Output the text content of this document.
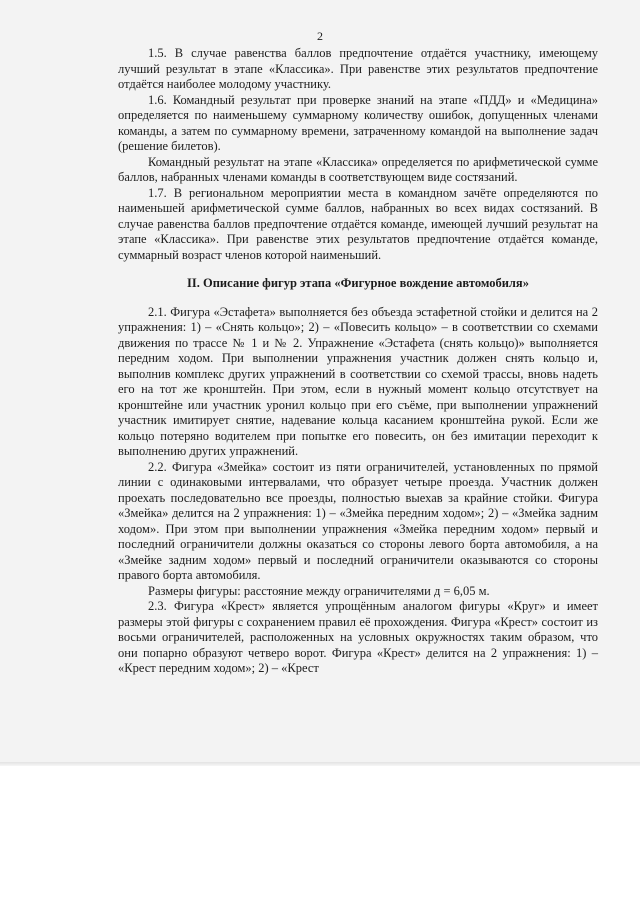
2

1.5. В случае равенства баллов предпочтение отдаётся участнику, имеющему лучший результат в этапе «Классика». При равенстве этих результатов предпочтение отдаётся наиболее молодому участнику.

1.6. Командный результат при проверке знаний на этапе «ПДД» и «Медицина» определяется по наименьшему суммарному количеству ошибок, допущенных членами команды, а затем по суммарному времени, затраченному командой на выполнение задач (решение билетов).

Командный результат на этапе «Классика» определяется по арифметической сумме баллов, набранных членами команды в соответствующем виде состязаний.

1.7. В региональном мероприятии места в командном зачёте определяются по наименьшей арифметической сумме баллов, набранных во всех видах состязаний. В случае равенства баллов предпочтение отдаётся команде, имеющей лучший результат на этапе «Классика». При равенстве этих результатов предпочтение отдаётся команде, суммарный возраст членов которой наименьший.

II. Описание фигур этапа «Фигурное вождение автомобиля»

2.1. Фигура «Эстафета» выполняется без объезда эстафетной стойки и делится на 2 упражнения: 1) – «Снять кольцо»; 2) – «Повесить кольцо» – в соответствии со схемами движения по трассе № 1 и № 2. Упражнение «Эстафета (снять кольцо)» выполняется передним ходом. При выполнении упражнения участник должен снять кольцо и, выполнив комплекс других упражнений в соответствии со схемой трассы, вновь надеть его на тот же кронштейн. При этом, если в нужный момент кольцо отсутствует на кронштейне или участник уронил кольцо при его съёме, при выполнении упражнений участник имитирует снятие, надевание кольца касанием кронштейна рукой. Если же кольцо потеряно водителем при попытке его повесить, он без имитации переходит к выполнению других упражнений.

2.2. Фигура «Змейка» состоит из пяти ограничителей, установленных по прямой линии с одинаковыми интервалами, что образует четыре проезда. Участник должен проехать последовательно все проезды, полностью выехав за крайние стойки. Фигура «Змейка» делится на 2 упражнения: 1) – «Змейка передним ходом»; 2) – «Змейка задним ходом». При этом при выполнении упражнения «Змейка передним ходом» первый и последний ограничители должны оказаться со стороны левого борта автомобиля, а на «Змейке задним ходом» первый и последний ограничители оказываются со стороны правого борта автомобиля.

Размеры фигуры: расстояние между ограничителями д = 6,05 м.

2.3. Фигура «Крест» является упрощённым аналогом фигуры «Круг» и имеет размеры этой фигуры с сохранением правил её прохождения. Фигура «Крест» состоит из восьми ограничителей, расположенных на условных окружностях таким образом, что они попарно образуют четверо ворот. Фигура «Крест» делится на 2 упражнения: 1) – «Крест передним ходом»; 2) – «Крест
